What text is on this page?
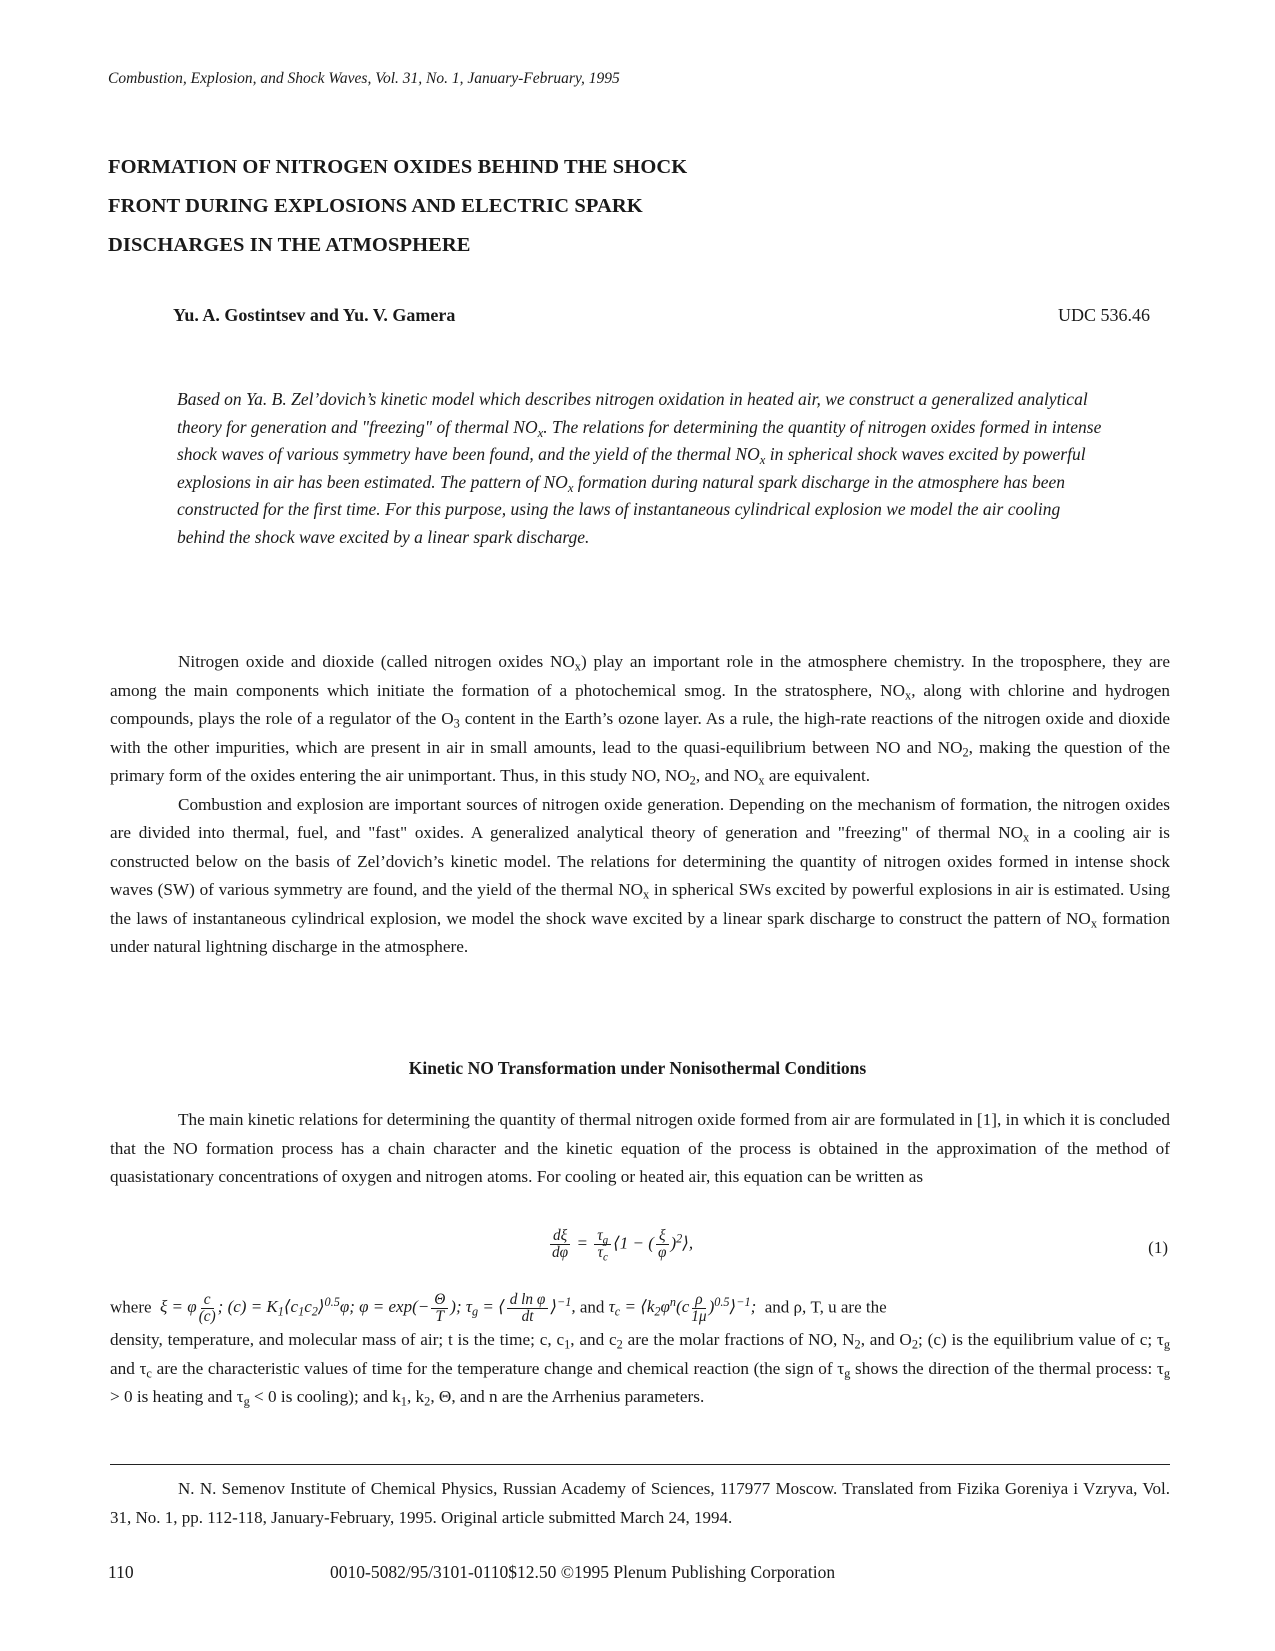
Combustion, Explosion, and Shock Waves, Vol. 31, No. 1, January-February, 1995
FORMATION OF NITROGEN OXIDES BEHIND THE SHOCK
FRONT DURING EXPLOSIONS AND ELECTRIC SPARK
DISCHARGES IN THE ATMOSPHERE
Yu. A. Gostintsev and Yu. V. Gamera	UDC 536.46
Based on Ya. B. Zel’dovich’s kinetic model which describes nitrogen oxidation in heated air, we construct a generalized analytical theory for generation and "freezing" of thermal $NO_x$. The relations for determining the quantity of nitrogen oxides formed in intense shock waves of various symmetry have been found, and the yield of the thermal $NO_x$ in spherical shock waves excited by powerful explosions in air has been estimated. The pattern of $NO_x$ formation during natural spark discharge in the atmosphere has been constructed for the first time. For this purpose, using the laws of instantaneous cylindrical explosion we model the air cooling behind the shock wave excited by a linear spark discharge.

Nitrogen oxide and dioxide (called nitrogen oxides $NO_x$) play an important role in the atmosphere chemistry. In the troposphere, they are among the main components which initiate the formation of a photochemical smog. In the stratosphere, $NO_x$, along with chlorine and hydrogen compounds, plays the role of a regulator of the $O_3$ content in the Earth’s ozone layer. As a rule, the high-rate reactions of the nitrogen oxide and dioxide with the other impurities, which are present in air in small amounts, lead to the quasi-equilibrium between NO and $NO_2$, making the question of the primary form of the oxides entering the air unimportant. Thus, in this study NO, $NO_2$, and $NO_x$ are equivalent.

Combustion and explosion are important sources of nitrogen oxide generation. Depending on the mechanism of formation, the nitrogen oxides are divided into thermal, fuel, and "fast" oxides. A generalized analytical theory of generation and "freezing" of thermal $NO_x$ in a cooling air is constructed below on the basis of Zel’dovich’s kinetic model. The relations for determining the quantity of nitrogen oxides formed in intense shock waves (SW) of various symmetry are found, and the yield of the thermal $NO_x$ in spherical SWs excited by powerful explosions in air is estimated. Using the laws of instantaneous cylindrical explosion, we model the shock wave excited by a linear spark discharge to construct the pattern of $NO_x$ formation under natural lightning discharge in the atmosphere.

Kinetic NO Transformation under Nonisothermal Conditions

The main kinetic relations for determining the quantity of thermal nitrogen oxide formed from air are formulated in [1], in which it is concluded that the NO formation process has a chain character and the kinetic equation of the process is obtained in the approximation of the method of quasistationary concentrations of oxygen and nitrogen atoms. For cooling or heated air, this equation can be written as

$\frac{d\xi}{d\varphi} = \frac{\tau_g}{\tau_c}$ ⟨1 − ( $\frac{\xi}{\varphi}$ )$^2$⟩,	(1)
where ξ = φ $\frac{c}{(c)}$ ; $(c) = K_1⟨c_1c_2⟩^{0.5}\varphi$; $\varphi = \exp(- \frac{\Theta}{T}$ ); $\tau_g$ = ⟨ $\frac{\text{d ln φ}}{dt}$ ⟩$^{-1}$, and $\tau_c$ = $⟨k_2\varphi^n(c \frac{\rho}{1\mu}$ )$^{0.5}$⟩$^{-1}$; and ρ, T, u are the

density, temperature, and molecular mass of air; t is the time; c, $c_1$, and $c_2$ are the molar fractions of NO, $N_2$, and $O_2$; (c) is the equilibrium value of c; $\tau_g$ and $\tau_c$ are the characteristic values of time for the temperature change and chemical reaction (the sign of $\tau_g$ shows the direction of the thermal process: $\tau_g > 0$ is heating and $\tau_g < 0$ is cooling); and $k_1$, $k_2$, Θ, and n are the Arrhenius parameters.

N. N. Semenov Institute of Chemical Physics, Russian Academy of Sciences, 117977 Moscow. Translated from Fizika Goreniya i Vzryva, Vol. 31, No. 1, pp. 112-118, January-February, 1995. Original article submitted March 24, 1994.
110	0010-5082/95/3101-0110$12.50 ©1995 Plenum Publishing Corporation
